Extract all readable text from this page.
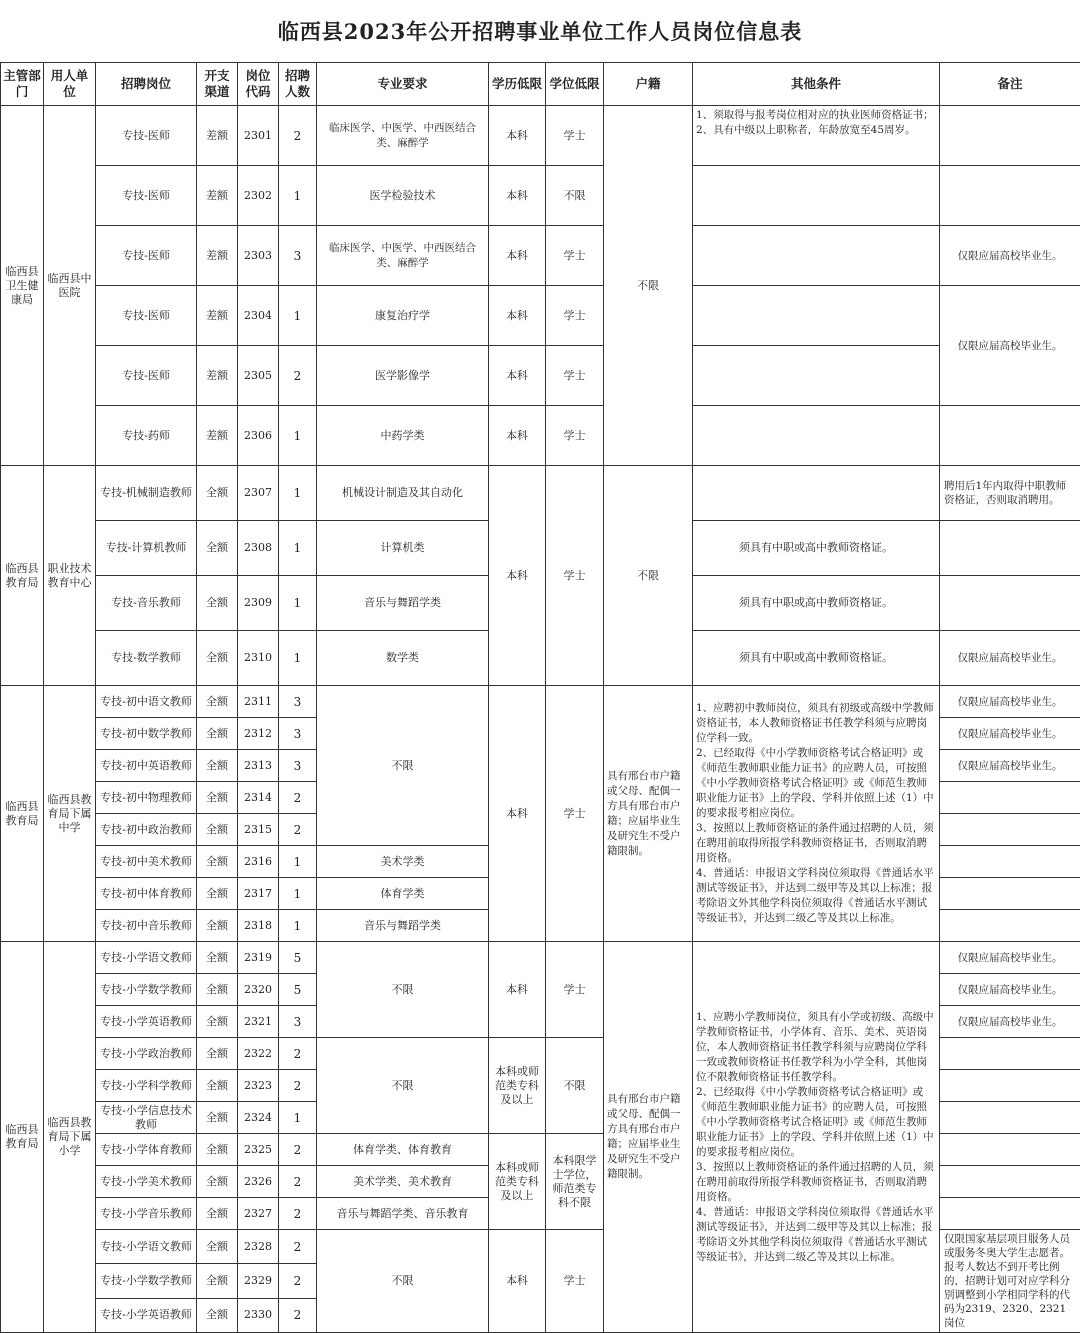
临西县2023年公开招聘事业单位工作人员岗位信息表
主管部门	用人单位	招聘岗位	开支渠道	岗位代码	招聘人数	专业要求	学历低限	学位低限	户籍	其他条件	备注
临西县卫生健康局	临西县中医院	专技-医师	差额	2301	2	临床医学、中医学、中西医结合类、麻醉学	本科	学士	不限	1、须取得与报考岗位相对应的执业医师资格证书；
2、具有中级以上职称者，年龄放宽至45周岁。	
		专技-医师	差额	2302	1	医学检验技术	本科	不限			
		专技-医师	差额	2303	3	临床医学、中医学、中西医结合类、麻醉学	本科	学士			仅限应届高校毕业生。
		专技-医师	差额	2304	1	康复治疗学	本科	学士			仅限应届高校毕业生。
		专技-医师	差额	2305	2	医学影像学	本科	学士			
		专技-药师	差额	2306	1	中药学类	本科	学士			
临西县教育局	职业技术教育中心	专技-机械制造教师	全额	2307	1	机械设计制造及其自动化	本科	学士	不限		聘用后1年内取得中职教师资格证，否则取消聘用。
		专技-计算机教师	全额	2308	1	计算机类				须具有中职或高中教师资格证。	
		专技-音乐教师	全额	2309	1	音乐与舞蹈学类				须具有中职或高中教师资格证。	
		专技-数学教师	全额	2310	1	数学类				须具有中职或高中教师资格证。	仅限应届高校毕业生。
临西县教育局	临西县教育局下属中学	专技-初中语文教师	全额	2311	3	不限	本科	学士	具有邢台市户籍或父母、配偶一方具有邢台市户籍；应届毕业生及研究生不受户籍限制。	1、应聘初中教师岗位，须具有初级或高级中学教师资格证书，本人教师资格证书任教学科须与应聘岗位学科一致。
2、已经取得《中小学教师资格考试合格证明》或《师范生教师职业能力证书》的应聘人员，可按照《中小学教师资格考试合格证明》或《师范生教师职业能力证书》上的学段、学科并依照上述（1）中的要求报考相应岗位。
3、按照以上教师资格证的条件通过招聘的人员，须在聘用前取得所报学科教师资格证书，否则取消聘用资格。
4、普通话：申报语文学科岗位须取得《普通话水平测试等级证书》，并达到二级甲等及其以上标准；报考除语文外其他学科岗位须取得《普通话水平测试等级证书》，并达到二级乙等及其以上标准。	仅限应届高校毕业生。
		专技-初中数学教师	全额	2312	3						仅限应届高校毕业生。
		专技-初中英语教师	全额	2313	3						仅限应届高校毕业生。
		专技-初中物理教师	全额	2314	2						
		专技-初中政治教师	全额	2315	2						
		专技-初中美术教师	全额	2316	1	美术学类					
		专技-初中体育教师	全额	2317	1	体育学类					
		专技-初中音乐教师	全额	2318	1	音乐与舞蹈学类					
临西县教育局	临西县教育局下属小学	专技-小学语文教师	全额	2319	5	不限	本科	学士	具有邢台市户籍或父母、配偶一方具有邢台市户籍；应届毕业生及研究生不受户籍限制。	1、应聘小学教师岗位，须具有小学或初级、高级中学教师资格证书，小学体育、音乐、美术、英语岗位，本人教师资格证书任教学科须与应聘岗位学科一致或教师资格证书任教学科为小学全科，其他岗位不限教师资格证书任教学科。
2、已经取得《中小学教师资格考试合格证明》或《师范生教师职业能力证书》的应聘人员，可按照《中小学教师资格考试合格证明》或《师范生教师职业能力证书》上的学段、学科并依照上述（1）中的要求报考相应岗位。
3、按照以上教师资格证的条件通过招聘的人员，须在聘用前取得所报学科教师资格证书，否则取消聘用资格。
4、普通话：申报语文学科岗位须取得《普通话水平测试等级证书》，并达到二级甲等及其以上标准；报考除语文外其他学科岗位须取得《普通话水平测试等级证书》，并达到二级乙等及其以上标准。	仅限应届高校毕业生。
		专技-小学数学教师	全额	2320	5						仅限应届高校毕业生。
		专技-小学英语教师	全额	2321	3						仅限应届高校毕业生。
		专技-小学政治教师	全额	2322	2	不限	本科或师范类专科及以上	不限			
		专技-小学科学教师	全额	2323	2						
		专技-小学信息技术教师	全额	2324	1						
		专技-小学体育教师	全额	2325	2	体育学类、体育教育	本科或师范类专科及以上	本科限学士学位，师范类专科不限			
		专技-小学美术教师	全额	2326	2	美术学类、美术教育					
		专技-小学音乐教师	全额	2327	2	音乐与舞蹈学类、音乐教育					
		专技-小学语文教师	全额	2328	2	不限	本科	学士			仅限国家基层项目服务人员或服务冬奥大学生志愿者。报考人数达不到开考比例的，招聘计划可对应学科分别调整到小学相同学科的代码为2319、2320、2321岗位
		专技-小学数学教师	全额	2329	2						
		专技-小学英语教师	全额	2330	2						
